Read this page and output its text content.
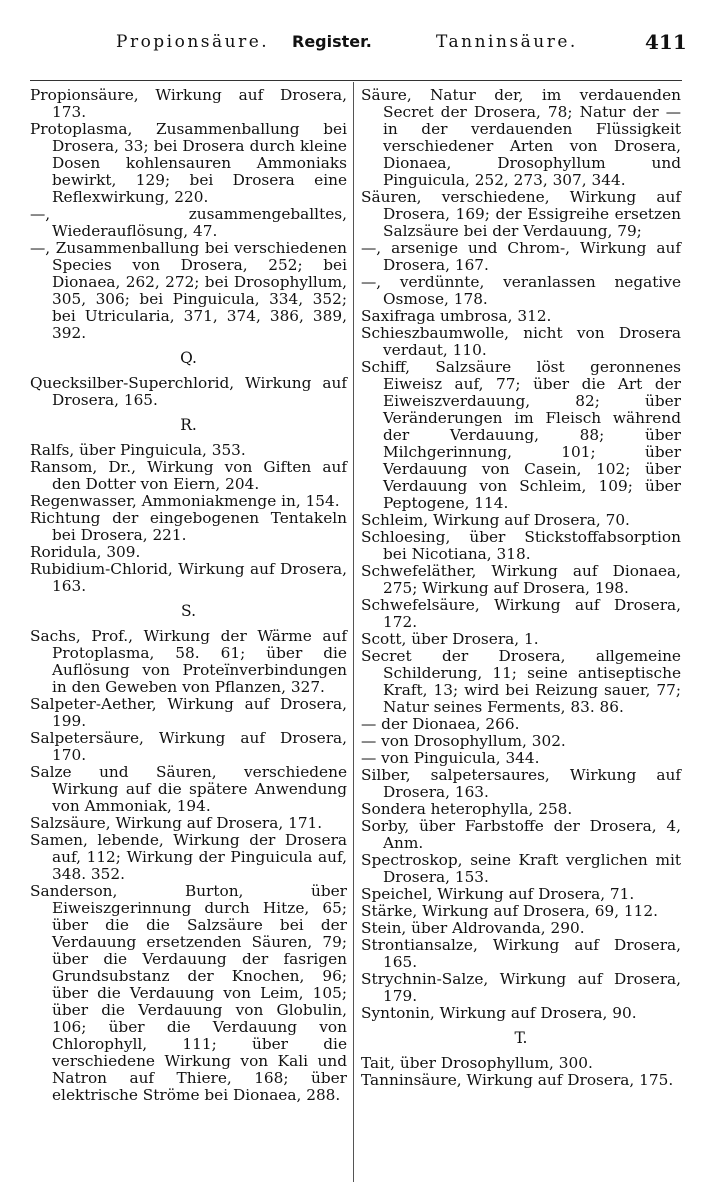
Propionsäure. Register.	Tanninsäure.	411

Propionsäure, Wirkung auf Drosera, 173.

Protoplasma, Zusammenballung bei Drosera, 33; bei Drosera durch kleine Dosen kohlensauren Ammoniaks bewirkt, 129; bei Drosera eine Reflexwirkung, 220.

—, zusammengeballtes, Wiederauflösung, 47.

—, Zusammenballung bei verschiedenen Species von Drosera, 252; bei Dionaea, 262, 272; bei Drosophyllum, 305, 306; bei Pinguicula, 334, 352; bei Utricularia, 371, 374, 386, 389, 392.

Q.

Quecksilber-Superchlorid, Wirkung auf Drosera, 165.

R.

Ralfs, über Pinguicula, 353.

Ransom, Dr., Wirkung von Giften auf den Dotter von Eiern, 204.

Regenwasser, Ammoniakmenge in, 154.

Richtung der eingebogenen Tentakeln bei Drosera, 221.

Roridula, 309.

Rubidium-Chlorid, Wirkung auf Drosera, 163.

S.

Sachs, Prof., Wirkung der Wärme auf Protoplasma, 58. 61; über die Auflösung von Proteïnverbindungen in den Geweben von Pflanzen, 327.

Salpeter-Aether, Wirkung auf Drosera, 199.

Salpetersäure, Wirkung auf Drosera, 170.

Salze und Säuren, verschiedene Wirkung auf die spätere Anwendung von Ammoniak, 194.

Salzsäure, Wirkung auf Drosera, 171.

Samen, lebende, Wirkung der Drosera auf, 112; Wirkung der Pinguicula auf, 348. 352.

Sanderson, Burton, über Eiweiszgerinnung durch Hitze, 65; über die die Salzsäure bei der Verdauung ersetzenden Säuren, 79; über die Verdauung der fasrigen Grundsubstanz der Knochen, 96; über die Verdauung von Leim, 105; über die Verdauung von Globulin, 106; über die Verdauung von Chlorophyll, 111; über die verschiedene Wirkung von Kali und Natron auf Thiere, 168; über elektrische Ströme bei Dionaea, 288.

Säure, Natur der, im verdauenden Secret der Drosera, 78; Natur der — in der verdauenden Flüssigkeit verschiedener Arten von Drosera, Dionaea, Drosophyllum und Pinguicula, 252, 273, 307, 344.

Säuren, verschiedene, Wirkung auf Drosera, 169; der Essigreihe ersetzen Salzsäure bei der Verdauung, 79;

—, arsenige und Chrom-, Wirkung auf Drosera, 167.

—, verdünnte, veranlassen negative Osmose, 178.

Saxifraga umbrosa, 312.

Schieszbaumwolle, nicht von Drosera verdaut, 110.

Schiff, Salzsäure löst geronnenes Eiweisz auf, 77; über die Art der Eiweiszverdauung, 82; über Veränderungen im Fleisch während der Verdauung, 88; über Milchgerinnung, 101; über Verdauung von Casein, 102; über Verdauung von Schleim, 109; über Peptogene, 114.

Schleim, Wirkung auf Drosera, 70.

Schloesing, über Stickstoffabsorption bei Nicotiana, 318.

Schwefeläther, Wirkung auf Dionaea, 275; Wirkung auf Drosera, 198.

Schwefelsäure, Wirkung auf Drosera, 172.

Scott, über Drosera, 1.

Secret der Drosera, allgemeine Schilderung, 11; seine antiseptische Kraft, 13; wird bei Reizung sauer, 77; Natur seines Ferments, 83. 86.

— der Dionaea, 266.

— von Drosophyllum, 302.

— von Pinguicula, 344.

Silber, salpetersaures, Wirkung auf Drosera, 163.

Sondera heterophylla, 258.

Sorby, über Farbstoffe der Drosera, 4, Anm.

Spectroskop, seine Kraft verglichen mit Drosera, 153.

Speichel, Wirkung auf Drosera, 71.

Stärke, Wirkung auf Drosera, 69, 112.

Stein, über Aldrovanda, 290.

Strontiansalze, Wirkung auf Drosera, 165.

Strychnin-Salze, Wirkung auf Drosera, 179.

Syntonin, Wirkung auf Drosera, 90.

T.

Tait, über Drosophyllum, 300.

Tanninsäure, Wirkung auf Drosera, 175.
